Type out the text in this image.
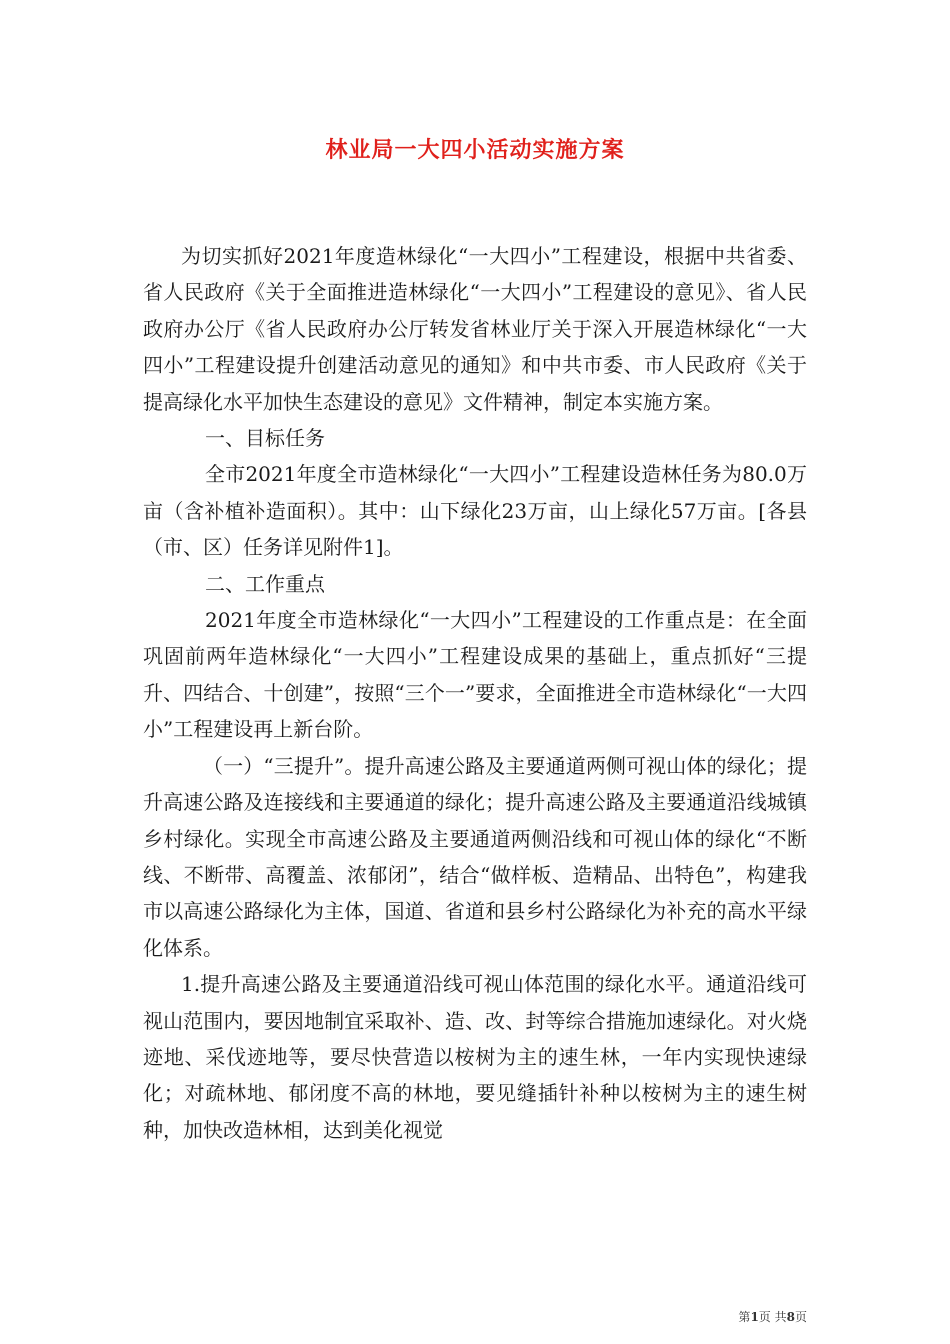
林业局一大四小活动实施方案

为切实抓好2021年度造林绿化“一大四小”工程建设，根据中共省委、省人民政府《关于全面推进造林绿化“一大四小”工程建设的意见》、省人民政府办公厅《省人民政府办公厅转发省林业厅关于深入开展造林绿化“一大四小”工程建设提升创建活动意见的通知》和中共市委、市人民政府《关于提高绿化水平加快生态建设的意见》文件精神，制定本实施方案。

一、目标任务

全市2021年度全市造林绿化“一大四小”工程建设造林任务为80.0万亩（含补植补造面积）。其中：山下绿化23万亩，山上绿化57万亩。[各县（市、区）任务详见附件1]。

二、工作重点

2021年度全市造林绿化“一大四小”工程建设的工作重点是：在全面巩固前两年造林绿化“一大四小”工程建设成果的基础上，重点抓好“三提升、四结合、十创建”，按照“三个一”要求，全面推进全市造林绿化“一大四小”工程建设再上新台阶。

（一）“三提升”。提升高速公路及主要通道两侧可视山体的绿化；提升高速公路及连接线和主要通道的绿化；提升高速公路及主要通道沿线城镇乡村绿化。实现全市高速公路及主要通道两侧沿线和可视山体的绿化“不断线、不断带、高覆盖、浓郁闭”，结合“做样板、造精品、出特色”，构建我市以高速公路绿化为主体，国道、省道和县乡村公路绿化为补充的高水平绿化体系。

1.提升高速公路及主要通道沿线可视山体范围的绿化水平。通道沿线可视山范围内，要因地制宜采取补、造、改、封等综合措施加速绿化。对火烧迹地、采伐迹地等，要尽快营造以桉树为主的速生林，一年内实现快速绿化；对疏林地、郁闭度不高的林地，要见缝插针补种以桉树为主的速生树种，加快改造林相，达到美化视觉

第1页 共8页
